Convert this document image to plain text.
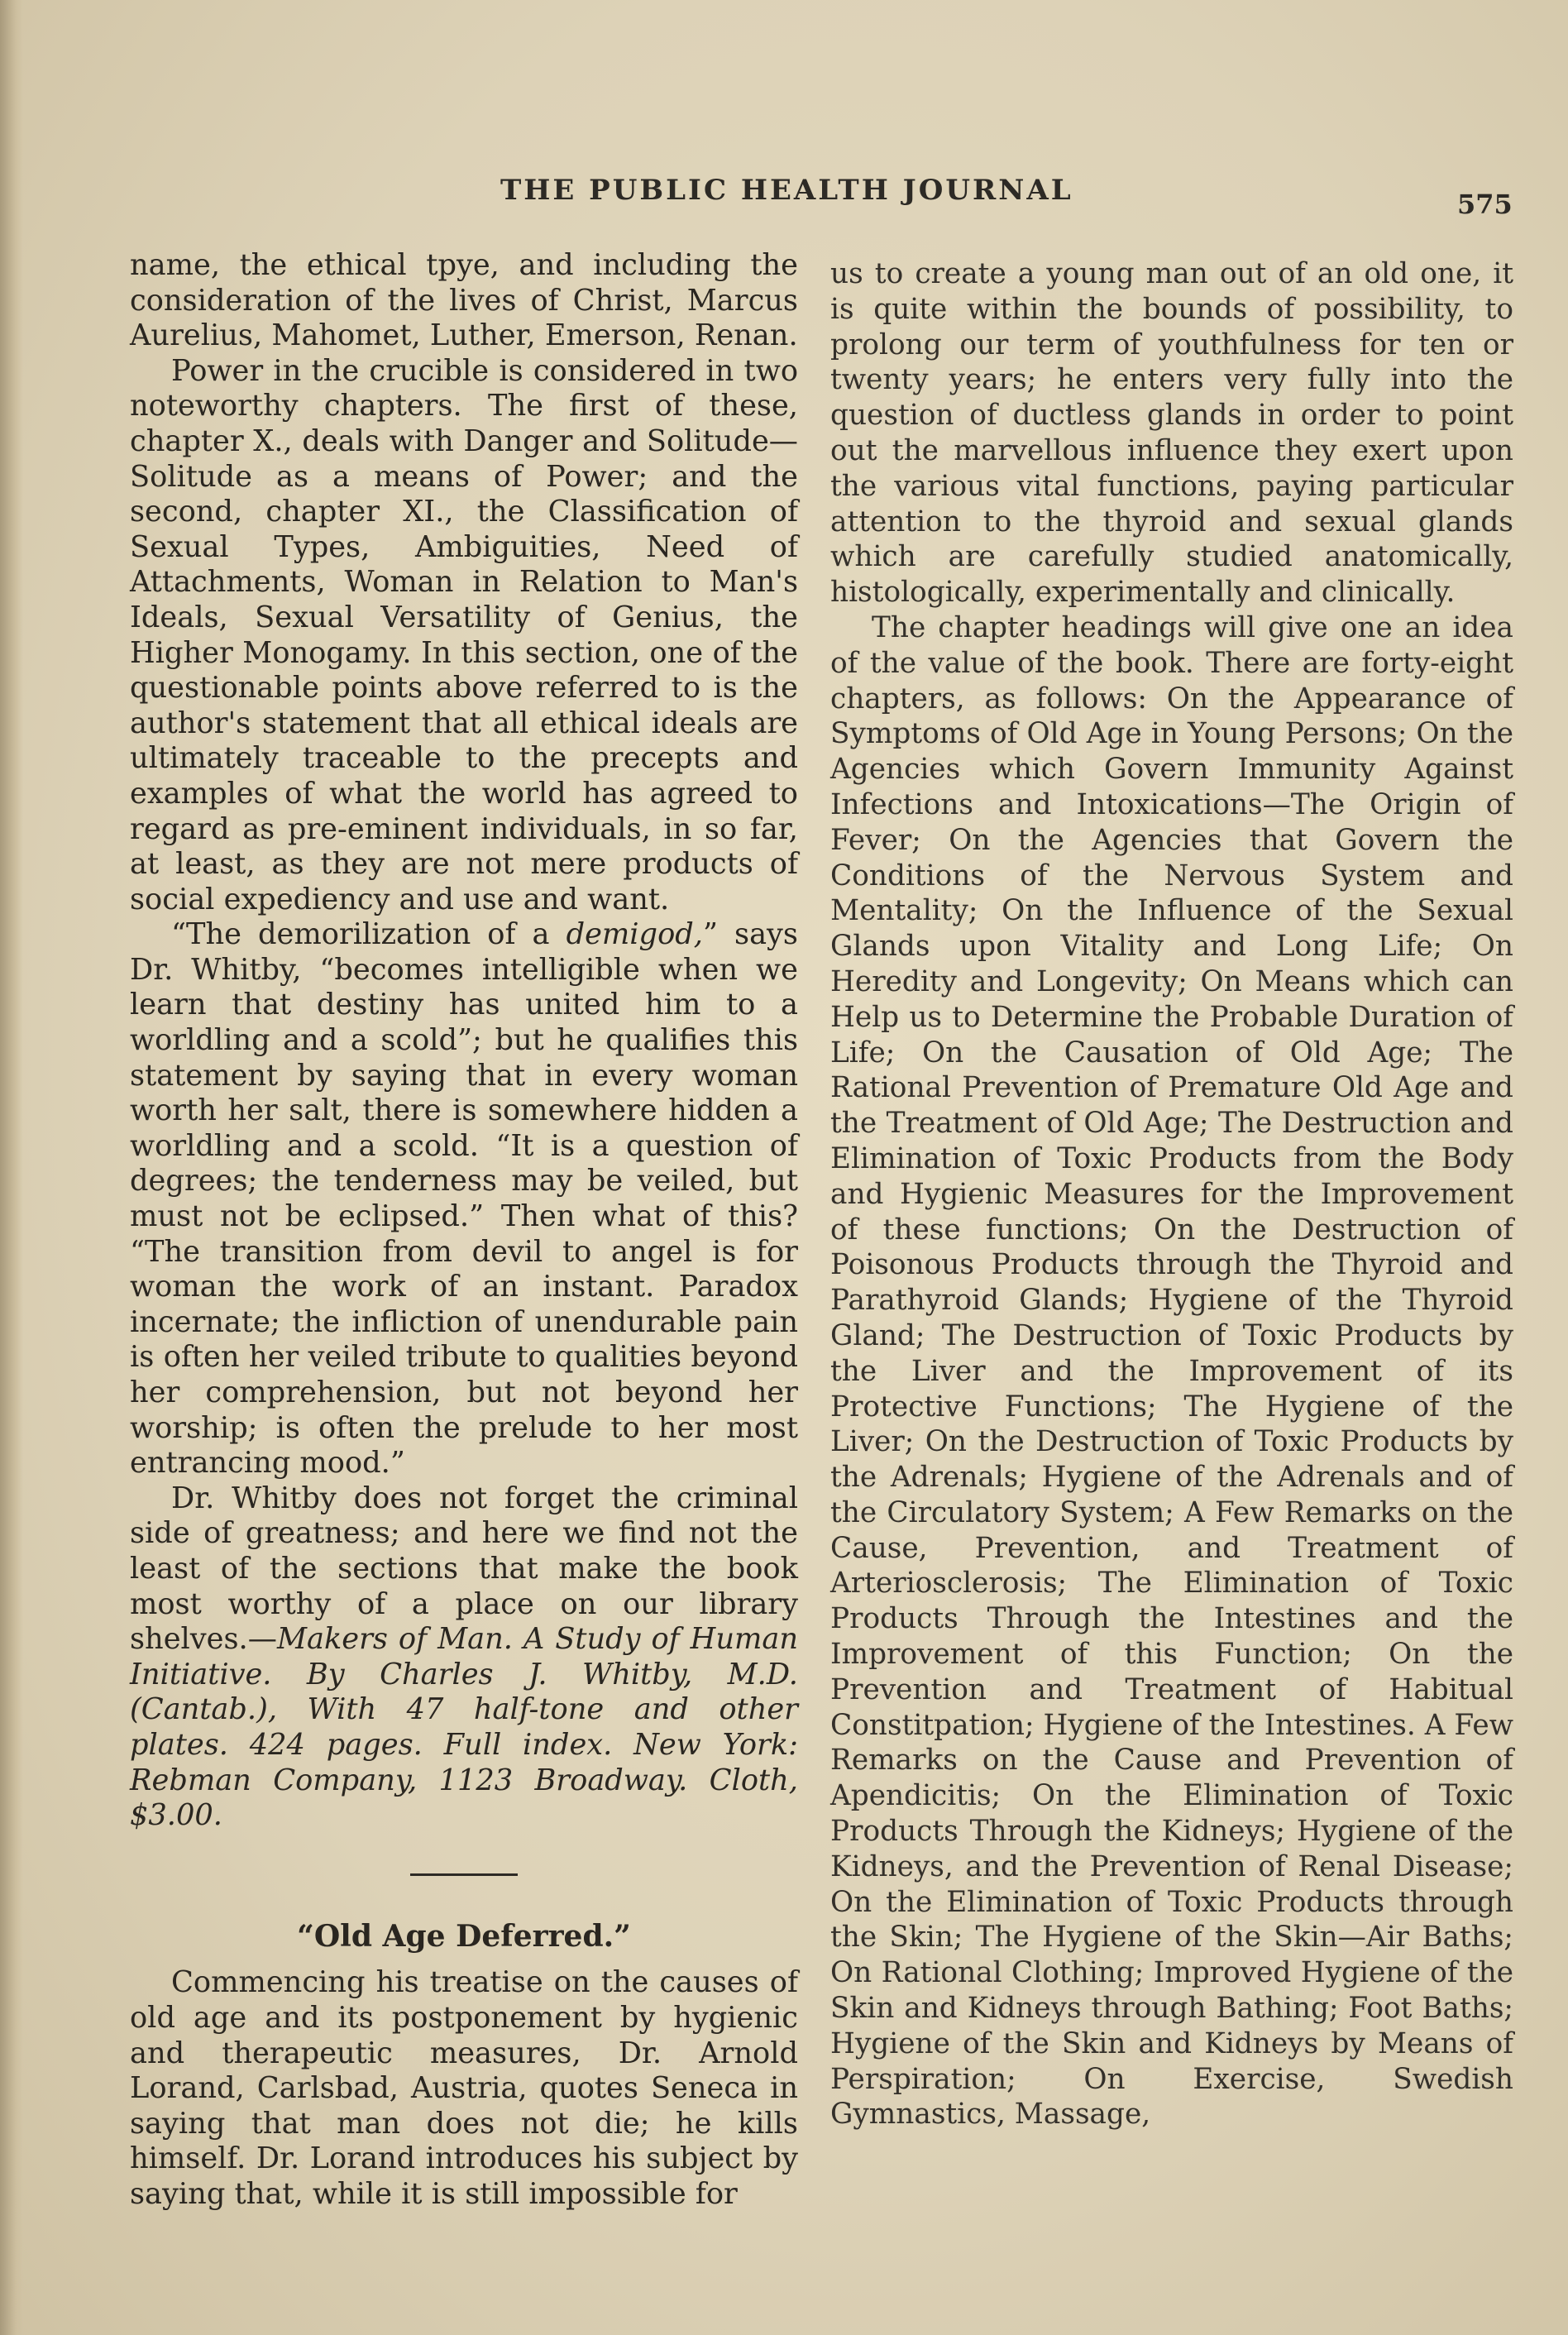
THE PUBLIC HEALTH JOURNAL	575

name, the ethical tpye, and including the consideration of the lives of Christ, Marcus Aurelius, Mahomet, Luther, Emerson, Renan.

Power in the crucible is considered in two noteworthy chapters. The first of these, chapter X., deals with Danger and Solitude—Solitude as a means of Power; and the second, chapter XI., the Classification of Sexual Types, Ambiguities, Need of Attachments, Woman in Relation to Man's Ideals, Sexual Versatility of Genius, the Higher Monogamy. In this section, one of the questionable points above referred to is the author's statement that all ethical ideals are ultimately traceable to the precepts and examples of what the world has agreed to regard as pre-eminent individuals, in so far, at least, as they are not mere products of social expediency and use and want.

“The demorilization of a demigod,” says Dr. Whitby, “becomes intelligible when we learn that destiny has united him to a worldling and a scold”; but he qualifies this statement by saying that in every woman worth her salt, there is somewhere hidden a worldling and a scold. “It is a question of degrees; the tenderness may be veiled, but must not be eclipsed.” Then what of this? “The transition from devil to angel is for woman the work of an instant. Paradox incernate; the infliction of unendurable pain is often her veiled tribute to qualities beyond her comprehension, but not beyond her worship; is often the prelude to her most entrancing mood.”

Dr. Whitby does not forget the criminal side of greatness; and here we find not the least of the sections that make the book most worthy of a place on our library shelves.—Makers of Man. A Study of Human Initiative. By Charles J. Whitby, M.D. (Cantab.), With 47 half-tone and other plates. 424 pages. Full index. New York: Rebman Company, 1123 Broadway. Cloth, $3.00.

“Old Age Deferred.”

Commencing his treatise on the causes of old age and its postponement by hygienic and therapeutic measures, Dr. Arnold Lorand, Carlsbad, Austria, quotes Seneca in saying that man does not die; he kills himself. Dr. Lorand introduces his subject by saying that, while it is still impossible for

us to create a young man out of an old one, it is quite within the bounds of possibility, to prolong our term of youthfulness for ten or twenty years; he enters very fully into the question of ductless glands in order to point out the marvellous influence they exert upon the various vital functions, paying particular attention to the thyroid and sexual glands which are carefully studied anatomically, histologically, experimentally and clinically.

The chapter headings will give one an idea of the value of the book. There are forty-eight chapters, as follows: On the Appearance of Symptoms of Old Age in Young Persons; On the Agencies which Govern Immunity Against Infections and Intoxications—The Origin of Fever; On the Agencies that Govern the Conditions of the Nervous System and Mentality; On the Influence of the Sexual Glands upon Vitality and Long Life; On Heredity and Longevity; On Means which can Help us to Determine the Probable Duration of Life; On the Causation of Old Age; The Rational Prevention of Premature Old Age and the Treatment of Old Age; The Destruction and Elimination of Toxic Products from the Body and Hygienic Measures for the Improvement of these functions; On the Destruction of Poisonous Products through the Thyroid and Parathyroid Glands; Hygiene of the Thyroid Gland; The Destruction of Toxic Products by the Liver and the Improvement of its Protective Functions; The Hygiene of the Liver; On the Destruction of Toxic Products by the Adrenals; Hygiene of the Adrenals and of the Circulatory System; A Few Remarks on the Cause, Prevention, and Treatment of Arteriosclerosis; The Elimination of Toxic Products Through the Intestines and the Improvement of this Function; On the Prevention and Treatment of Habitual Constitpation; Hygiene of the Intestines. A Few Remarks on the Cause and Prevention of Apendicitis; On the Elimination of Toxic Products Through the Kidneys; Hygiene of the Kidneys, and the Prevention of Renal Disease; On the Elimination of Toxic Products through the Skin; The Hygiene of the Skin—Air Baths; On Rational Clothing; Improved Hygiene of the Skin and Kidneys through Bathing; Foot Baths; Hygiene of the Skin and Kidneys by Means of Perspiration; On Exercise, Swedish Gymnastics, Massage,
